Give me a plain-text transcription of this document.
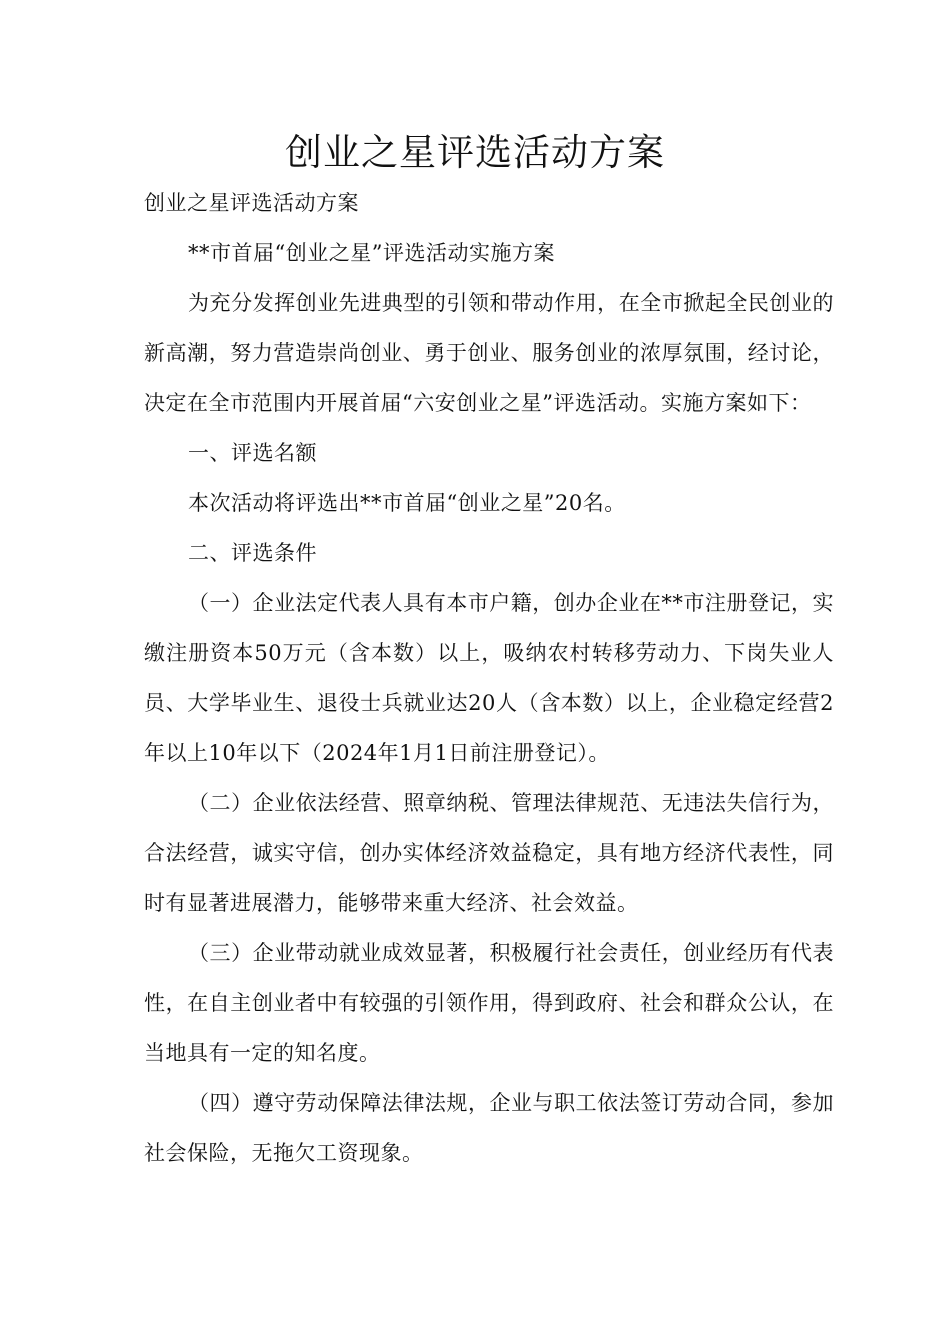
创业之星评选活动方案

创业之星评选活动方案

**市首届“创业之星”评选活动实施方案

为充分发挥创业先进典型的引领和带动作用，在全市掀起全民创业的新高潮，努力营造崇尚创业、勇于创业、服务创业的浓厚氛围，经讨论，决定在全市范围内开展首届“六安创业之星”评选活动。实施方案如下：

一、评选名额

本次活动将评选出**市首届“创业之星”20名。

二、评选条件

（一）企业法定代表人具有本市户籍，创办企业在**市注册登记，实缴注册资本50万元（含本数）以上，吸纳农村转移劳动力、下岗失业人员、大学毕业生、退役士兵就业达20人（含本数）以上，企业稳定经营2年以上10年以下（2024年1月1日前注册登记）。

（二）企业依法经营、照章纳税、管理法律规范、无违法失信行为，合法经营，诚实守信，创办实体经济效益稳定，具有地方经济代表性，同时有显著进展潜力，能够带来重大经济、社会效益。

（三）企业带动就业成效显著，积极履行社会责任，创业经历有代表性，在自主创业者中有较强的引领作用，得到政府、社会和群众公认，在当地具有一定的知名度。

（四）遵守劳动保障法律法规，企业与职工依法签订劳动合同，参加社会保险，无拖欠工资现象。
